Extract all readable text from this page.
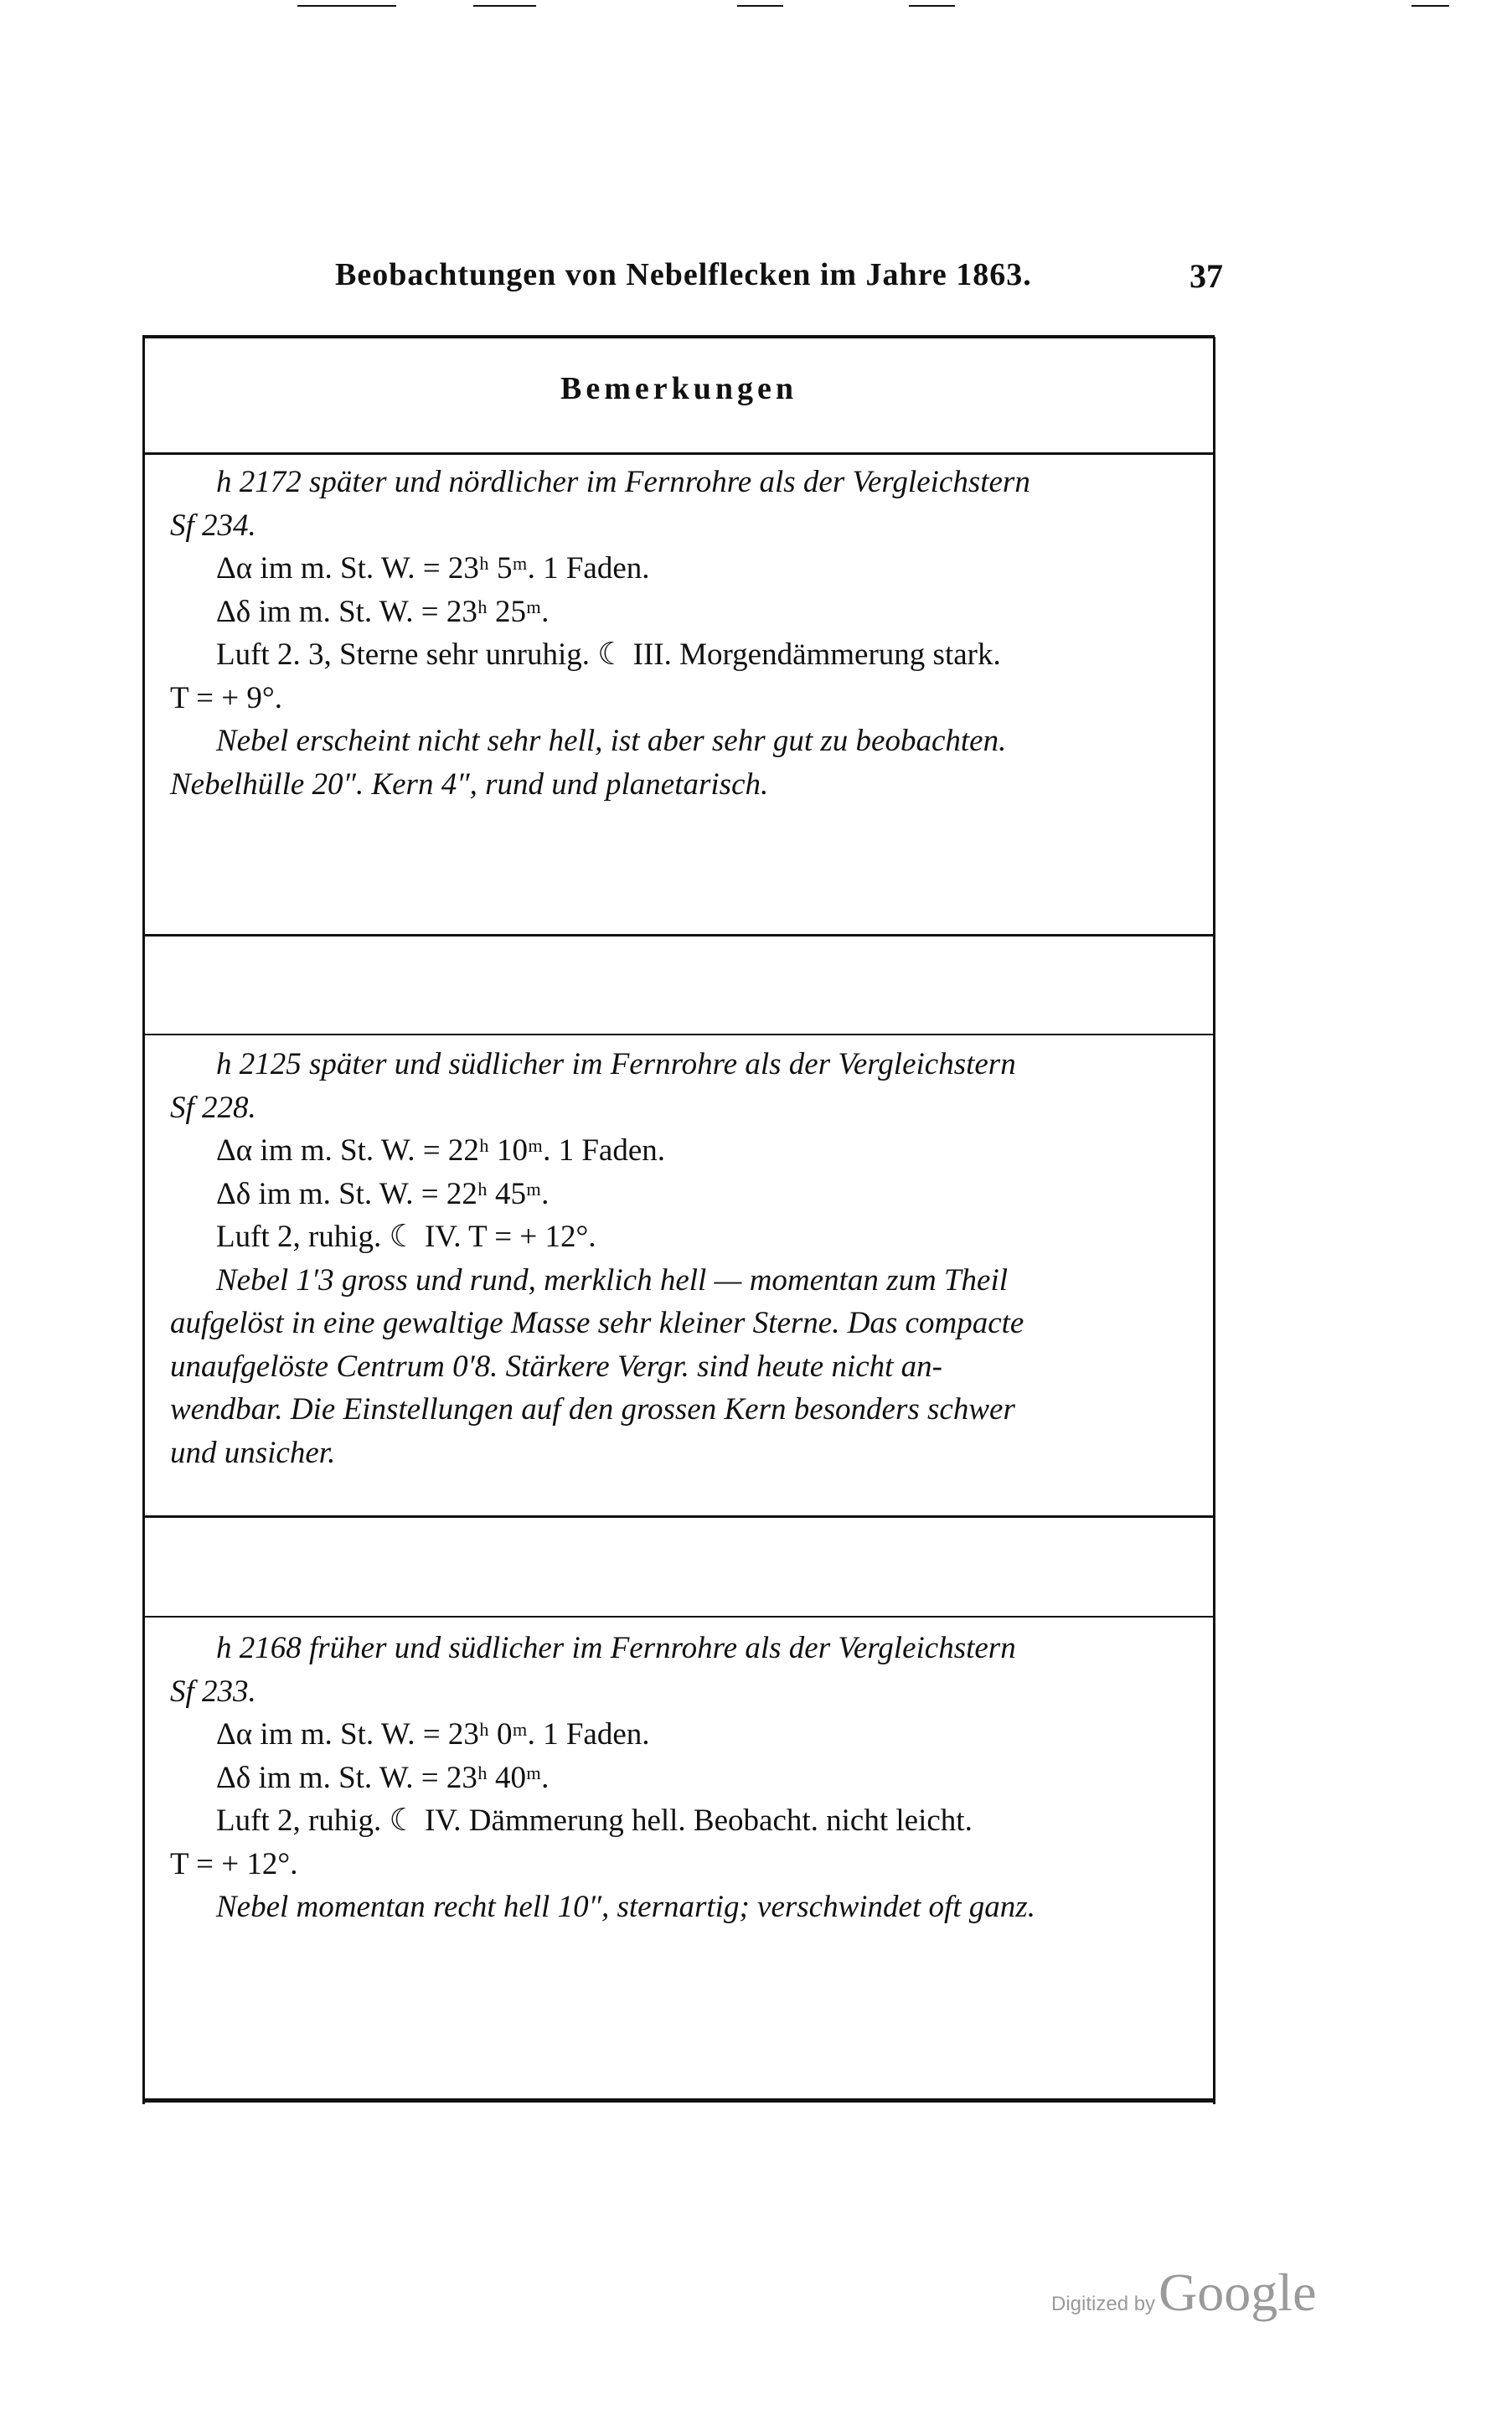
Beobachtungen von Nebelflecken im Jahre 1863.	37
Bemerkungen

h 2172 später und nördlicher im Fernrohre als der Vergleichstern

Sf 234.

Δα im m. St. W. = 23ʰ 5ᵐ. 1 Faden.

Δδ im m. St. W. = 23ʰ 25ᵐ.

Luft 2. 3, Sterne sehr unruhig. ☾ III. Morgendämmerung stark.

T = + 9°.

Nebel erscheint nicht sehr hell, ist aber sehr gut zu beobachten.

Nebelhülle 20″. Kern 4″, rund und planetarisch.

h 2125 später und südlicher im Fernrohre als der Vergleichstern

Sf 228.

Δα im m. St. W. = 22ʰ 10ᵐ. 1 Faden.

Δδ im m. St. W. = 22ʰ 45ᵐ.

Luft 2, ruhig. ☾ IV. T = + 12°.

Nebel 1′3 gross und rund, merklich hell — momentan zum Theil

aufgelöst in eine gewaltige Masse sehr kleiner Sterne. Das compacte

unaufgelöste Centrum 0′8. Stärkere Vergr. sind heute nicht an-

wendbar. Die Einstellungen auf den grossen Kern besonders schwer

und unsicher.

h 2168 früher und südlicher im Fernrohre als der Vergleichstern

Sf 233.

Δα im m. St. W. = 23ʰ 0ᵐ. 1 Faden.

Δδ im m. St. W. = 23ʰ 40ᵐ.

Luft 2, ruhig. ☾ IV. Dämmerung hell. Beobacht. nicht leicht.

T = + 12°.

Nebel momentan recht hell 10″, sternartig; verschwindet oft ganz.

Digitized by Google
